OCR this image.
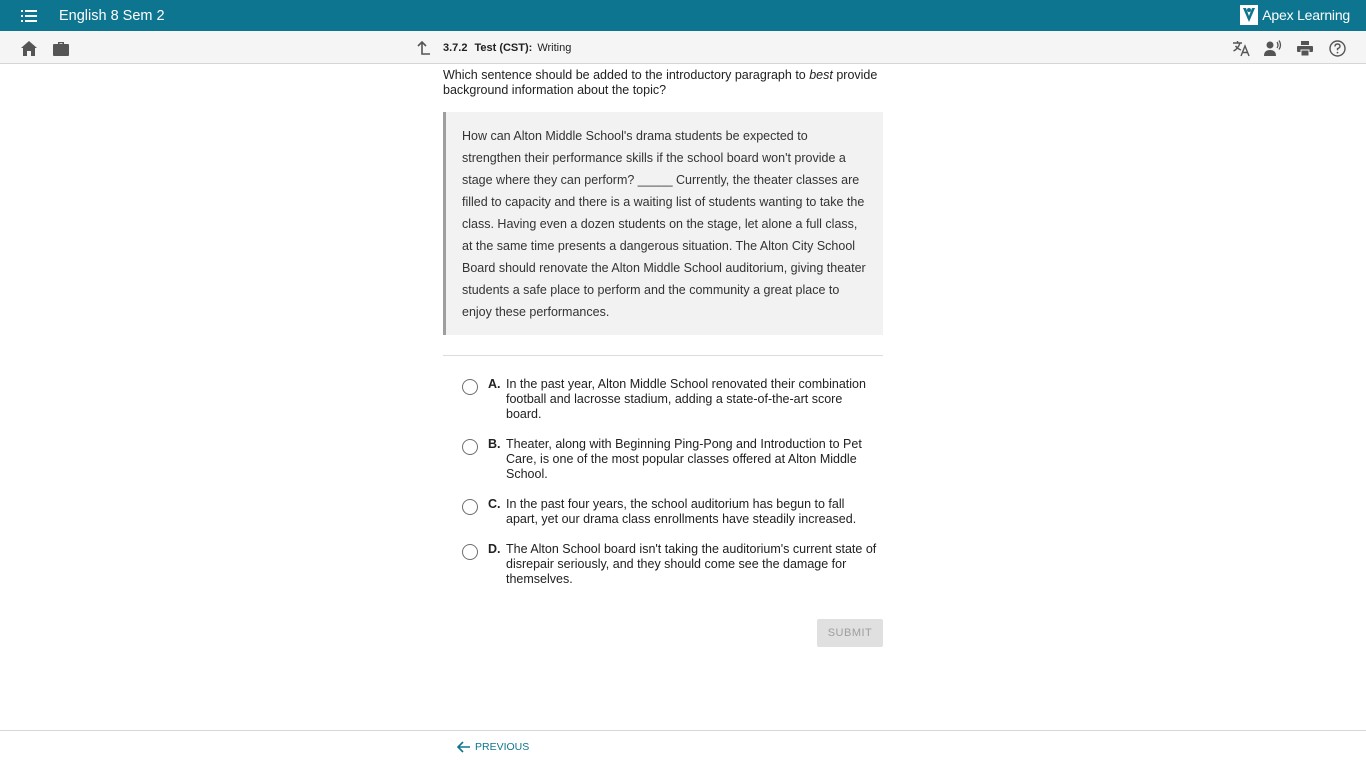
English 8 Sem 2	Apex Learning
3.7.2 Test (CST): Writing

Which sentence should be added to the introductory paragraph to best provide background information about the topic?

How can Alton Middle School's drama students be expected to strengthen their performance skills if the school board won't provide a stage where they can perform? _____ Currently, the theater classes are filled to capacity and there is a waiting list of students wanting to take the class. Having even a dozen students on the stage, let alone a full class, at the same time presents a dangerous situation. The Alton City School Board should renovate the Alton Middle School auditorium, giving theater students a safe place to perform and the community a great place to enjoy these performances.
A. In the past year, Alton Middle School renovated their combination football and lacrosse stadium, adding a state-of-the-art score board.
B. Theater, along with Beginning Ping-Pong and Introduction to Pet Care, is one of the most popular classes offered at Alton Middle School.
C. In the past four years, the school auditorium has begun to fall apart, yet our drama class enrollments have steadily increased.
D. The Alton School board isn't taking the auditorium's current state of disrepair seriously, and they should come see the damage for themselves.
SUBMIT
PREVIOUS
